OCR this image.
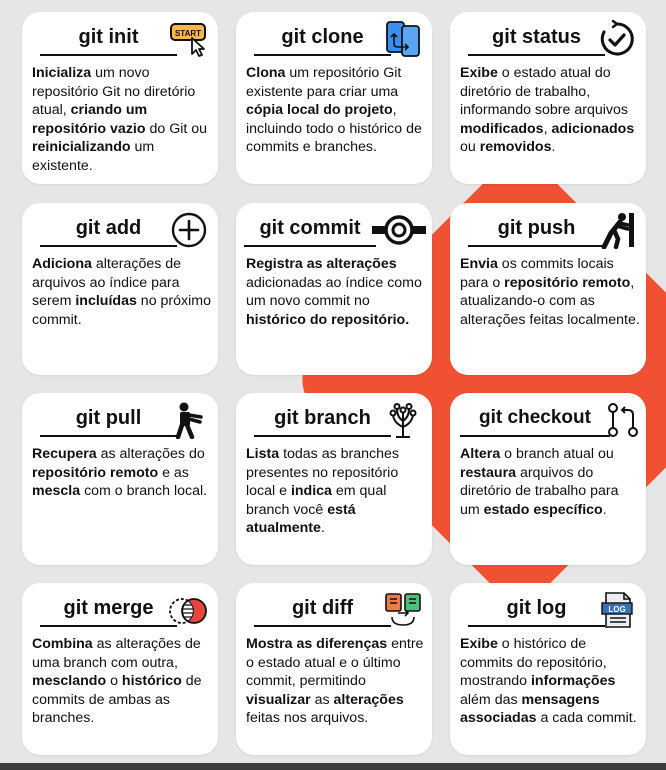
git init	START
Inicializa um novo repositório Git no diretório atual, criando um repositório vazio do Git ou reinicializando um existente.
git clone
Clona um repositório Git existente para criar uma cópia local do projeto, incluindo todo o histórico de commits e branches.
git status
Exibe o estado atual do diretório de trabalho, informando sobre arquivos modificados, adicionados ou removidos.
git add
Adiciona alterações de arquivos ao índice para serem incluídas no próximo commit.
git commit
Registra as alterações adicionadas ao índice como um novo commit no histórico do repositório.
git push
Envia os commits locais para o repositório remoto, atualizando-o com as alterações feitas localmente.
git pull
Recupera as alterações do repositório remoto e as mescla com o branch local.
git branch
Lista todas as branches presentes no repositório local e indica em qual branch você está atualmente.
git checkout
Altera o branch atual ou restaura arquivos do diretório de trabalho para um estado específico.
git merge
Combina as alterações de uma branch com outra, mesclando o histórico de commits de ambas as branches.
git diff
Mostra as diferenças entre o estado atual e o último commit, permitindo visualizar as alterações feitas nos arquivos.
git log	LOG
Exibe o histórico de commits do repositório, mostrando informações além das mensagens associadas a cada commit.
